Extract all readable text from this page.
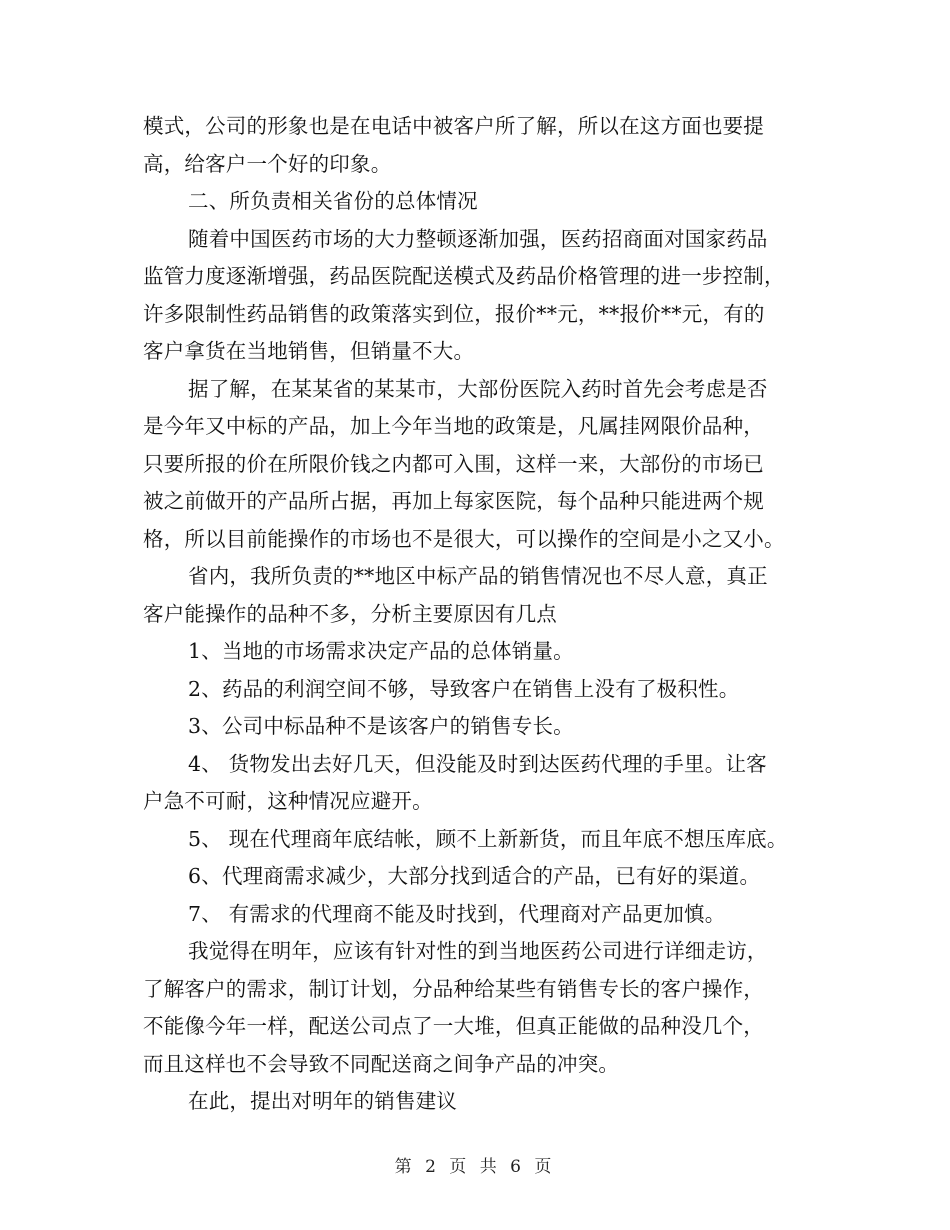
模式，公司的形象也是在电话中被客户所了解，所以在这方面也要提
高，给客户一个好的印象。
二、所负责相关省份的总体情况
随着中国医药市场的大力整顿逐渐加强，医药招商面对国家药品
监管力度逐渐增强，药品医院配送模式及药品价格管理的进一步控制，
许多限制性药品销售的政策落实到位，报价**元，**报价**元，有的
客户拿货在当地销售，但销量不大。
据了解，在某某省的某某市，大部份医院入药时首先会考虑是否
是今年又中标的产品，加上今年当地的政策是，凡属挂网限价品种，
只要所报的价在所限价钱之内都可入围，这样一来，大部份的市场已
被之前做开的产品所占据，再加上每家医院，每个品种只能进两个规
格，所以目前能操作的市场也不是很大，可以操作的空间是小之又小。
省内，我所负责的**地区中标产品的销售情况也不尽人意，真正
客户能操作的品种不多，分析主要原因有几点
1、当地的市场需求决定产品的总体销量。
2、药品的利润空间不够，导致客户在销售上没有了极积性。
3、公司中标品种不是该客户的销售专长。
4、 货物发出去好几天，但没能及时到达医药代理的手里。让客
户急不可耐，这种情况应避开。
5、 现在代理商年底结帐，顾不上新新货，而且年底不想压库底。
6、代理商需求减少，大部分找到适合的产品，已有好的渠道。
7、 有需求的代理商不能及时找到，代理商对产品更加慎。
我觉得在明年，应该有针对性的到当地医药公司进行详细走访，
了解客户的需求，制订计划，分品种给某些有销售专长的客户操作，
不能像今年一样，配送公司点了一大堆，但真正能做的品种没几个，
而且这样也不会导致不同配送商之间争产品的冲突。
在此，提出对明年的销售建议
第 2 页 共 6 页
